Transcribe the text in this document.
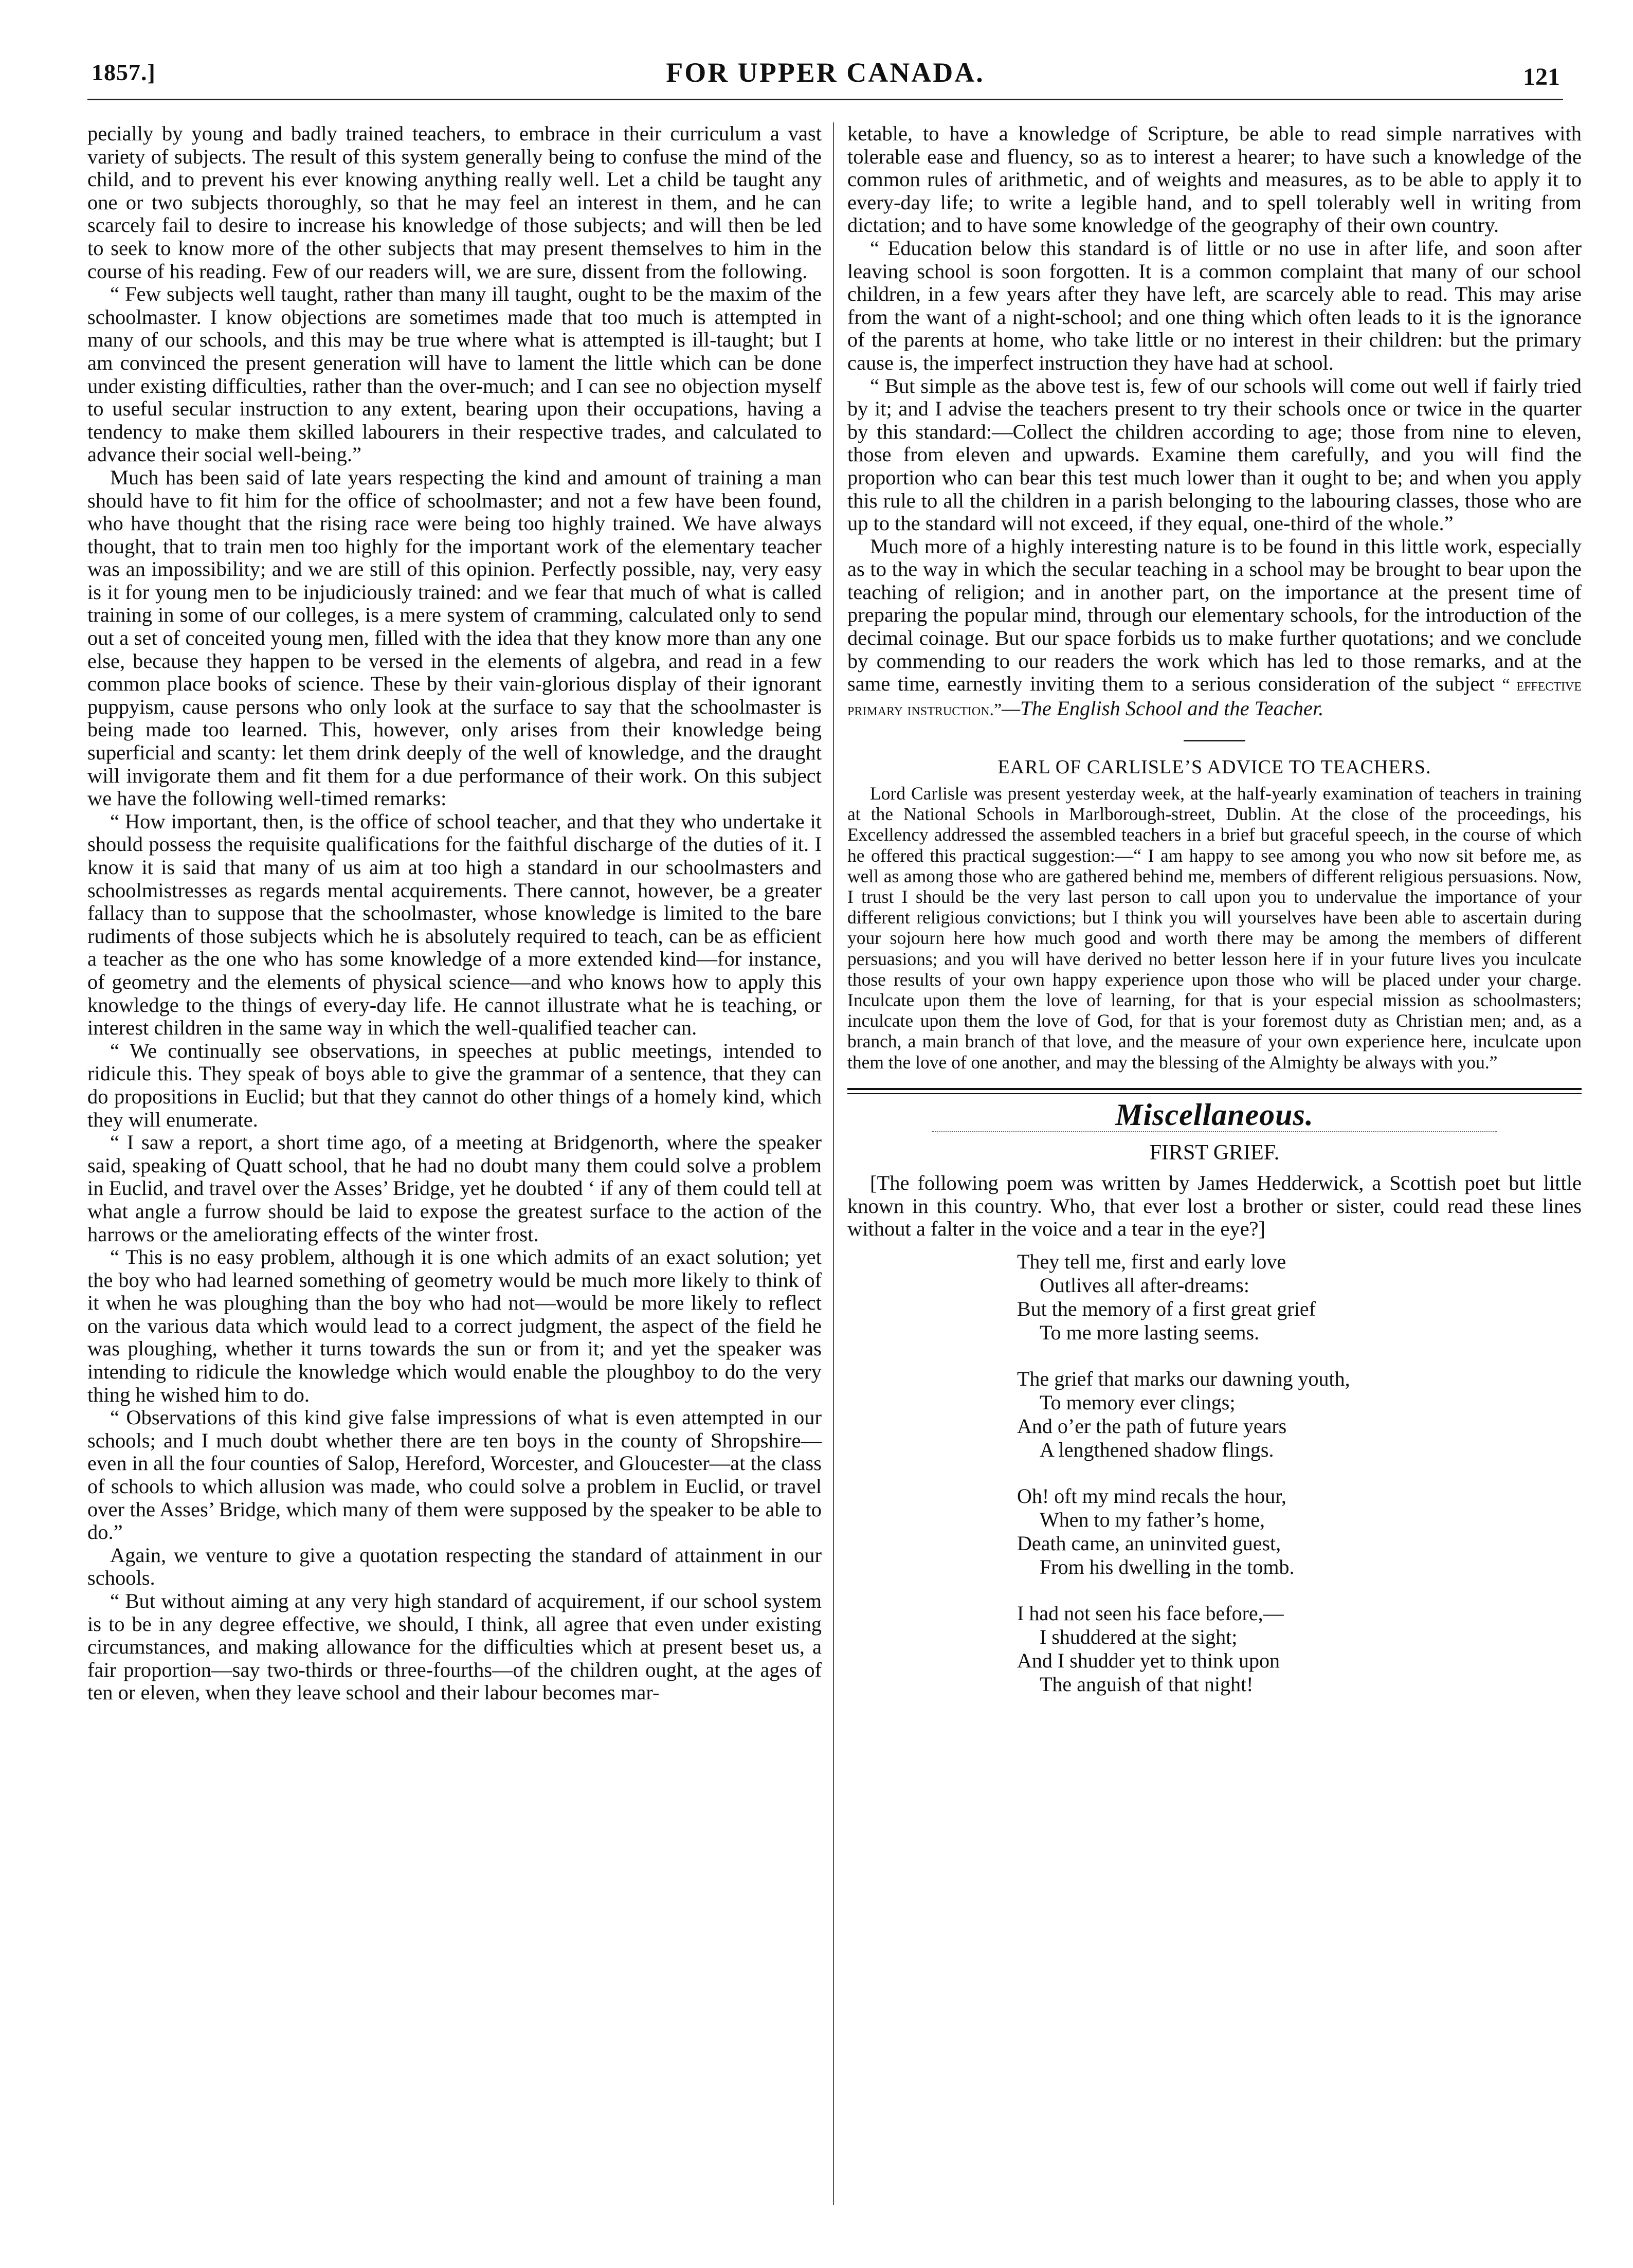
1857.]	FOR UPPER CANADA.	121

pecially by young and badly trained teachers, to embrace in their curriculum a vast variety of subjects. The result of this system generally being to confuse the mind of the child, and to prevent his ever knowing anything really well. Let a child be taught any one or two subjects thoroughly, so that he may feel an interest in them, and he can scarcely fail to desire to increase his knowledge of those subjects; and will then be led to seek to know more of the other subjects that may present themselves to him in the course of his reading. Few of our readers will, we are sure, dissent from the following.

“ Few subjects well taught, rather than many ill taught, ought to be the maxim of the schoolmaster. I know objections are sometimes made that too much is attempted in many of our schools, and this may be true where what is attempted is ill-taught; but I am convinced the present generation will have to lament the little which can be done under existing difficulties, rather than the over-much; and I can see no objection myself to useful secular instruction to any extent, bearing upon their occupations, having a tendency to make them skilled labourers in their respective trades, and calculated to advance their social well-being.”

Much has been said of late years respecting the kind and amount of training a man should have to fit him for the office of schoolmaster; and not a few have been found, who have thought that the rising race were being too highly trained. We have always thought, that to train men too highly for the important work of the elementary teacher was an impossibility; and we are still of this opinion. Perfectly possible, nay, very easy is it for young men to be injudiciously trained: and we fear that much of what is called training in some of our colleges, is a mere system of cramming, calculated only to send out a set of conceited young men, filled with the idea that they know more than any one else, because they happen to be versed in the elements of algebra, and read in a few common place books of science. These by their vain-glorious display of their ignorant puppyism, cause persons who only look at the surface to say that the schoolmaster is being made too learned. This, however, only arises from their knowledge being superficial and scanty: let them drink deeply of the well of knowledge, and the draught will invigorate them and fit them for a due performance of their work. On this subject we have the following well-timed remarks:

“ How important, then, is the office of school teacher, and that they who undertake it should possess the requisite qualifications for the faithful discharge of the duties of it. I know it is said that many of us aim at too high a standard in our schoolmasters and schoolmistresses as regards mental acquirements. There cannot, however, be a greater fallacy than to suppose that the schoolmaster, whose knowledge is limited to the bare rudiments of those subjects which he is absolutely required to teach, can be as efficient a teacher as the one who has some knowledge of a more extended kind—for instance, of geometry and the elements of physical science—and who knows how to apply this knowledge to the things of every-day life. He cannot illustrate what he is teaching, or interest children in the same way in which the well-qualified teacher can.

“ We continually see observations, in speeches at public meetings, intended to ridicule this. They speak of boys able to give the grammar of a sentence, that they can do propositions in Euclid; but that they cannot do other things of a homely kind, which they will enumerate.

“ I saw a report, a short time ago, of a meeting at Bridgenorth, where the speaker said, speaking of Quatt school, that he had no doubt many them could solve a problem in Euclid, and travel over the Asses’ Bridge, yet he doubted ‘ if any of them could tell at what angle a furrow should be laid to expose the greatest surface to the action of the harrows or the ameliorating effects of the winter frost.

“ This is no easy problem, although it is one which admits of an exact solution; yet the boy who had learned something of geometry would be much more likely to think of it when he was ploughing than the boy who had not—would be more likely to reflect on the various data which would lead to a correct judgment, the aspect of the field he was ploughing, whether it turns towards the sun or from it; and yet the speaker was intending to ridicule the knowledge which would enable the ploughboy to do the very thing he wished him to do.

“ Observations of this kind give false impressions of what is even attempted in our schools; and I much doubt whether there are ten boys in the county of Shropshire—even in all the four counties of Salop, Hereford, Worcester, and Gloucester—at the class of schools to which allusion was made, who could solve a problem in Euclid, or travel over the Asses’ Bridge, which many of them were supposed by the speaker to be able to do.”

Again, we venture to give a quotation respecting the standard of attainment in our schools.

“ But without aiming at any very high standard of acquirement, if our school system is to be in any degree effective, we should, I think, all agree that even under existing circumstances, and making allowance for the difficulties which at present beset us, a fair proportion—say two-thirds or three-fourths—of the children ought, at the ages of ten or eleven, when they leave school and their labour becomes mar-

ketable, to have a knowledge of Scripture, be able to read simple narratives with tolerable ease and fluency, so as to interest a hearer; to have such a knowledge of the common rules of arithmetic, and of weights and measures, as to be able to apply it to every-day life; to write a legible hand, and to spell tolerably well in writing from dictation; and to have some knowledge of the geography of their own country.

“ Education below this standard is of little or no use in after life, and soon after leaving school is soon forgotten. It is a common complaint that many of our school children, in a few years after they have left, are scarcely able to read. This may arise from the want of a night-school; and one thing which often leads to it is the ignorance of the parents at home, who take little or no interest in their children: but the primary cause is, the imperfect instruction they have had at school.

“ But simple as the above test is, few of our schools will come out well if fairly tried by it; and I advise the teachers present to try their schools once or twice in the quarter by this standard:—Collect the children according to age; those from nine to eleven, those from eleven and upwards. Examine them carefully, and you will find the proportion who can bear this test much lower than it ought to be; and when you apply this rule to all the children in a parish belonging to the labouring classes, those who are up to the standard will not exceed, if they equal, one-third of the whole.”

Much more of a highly interesting nature is to be found in this little work, especially as to the way in which the secular teaching in a school may be brought to bear upon the teaching of religion; and in another part, on the importance at the present time of preparing the popular mind, through our elementary schools, for the introduction of the decimal coinage. But our space forbids us to make further quotations; and we conclude by commending to our readers the work which has led to those remarks, and at the same time, earnestly inviting them to a serious consideration of the subject “ effective primary instruction.”—The English School and the Teacher.

EARL OF CARLISLE’S ADVICE TO TEACHERS.

Lord Carlisle was present yesterday week, at the half-yearly examination of teachers in training at the National Schools in Marlborough-street, Dublin. At the close of the proceedings, his Excellency addressed the assembled teachers in a brief but graceful speech, in the course of which he offered this practical suggestion:—“ I am happy to see among you who now sit before me, as well as among those who are gathered behind me, members of different religious persuasions. Now, I trust I should be the very last person to call upon you to undervalue the importance of your different religious convictions; but I think you will yourselves have been able to ascertain during your sojourn here how much good and worth there may be among the members of different persuasions; and you will have derived no better lesson here if in your future lives you inculcate those results of your own happy experience upon those who will be placed under your charge. Inculcate upon them the love of learning, for that is your especial mission as schoolmasters; inculcate upon them the love of God, for that is your foremost duty as Christian men; and, as a branch, a main branch of that love, and the measure of your own experience here, inculcate upon them the love of one another, and may the blessing of the Almighty be always with you.”

Miscellaneous.
FIRST GRIEF.

[The following poem was written by James Hedderwick, a Scottish poet but little known in this country. Who, that ever lost a brother or sister, could read these lines without a falter in the voice and a tear in the eye?]

They tell me, first and early love
Outlives all after-dreams:
But the memory of a first great grief
To me more lasting seems.
The grief that marks our dawning youth,
To memory ever clings;
And o’er the path of future years
A lengthened shadow flings.
Oh! oft my mind recals the hour,
When to my father’s home,
Death came, an uninvited guest,
From his dwelling in the tomb.
I had not seen his face before,—
I shuddered at the sight;
And I shudder yet to think upon
The anguish of that night!
